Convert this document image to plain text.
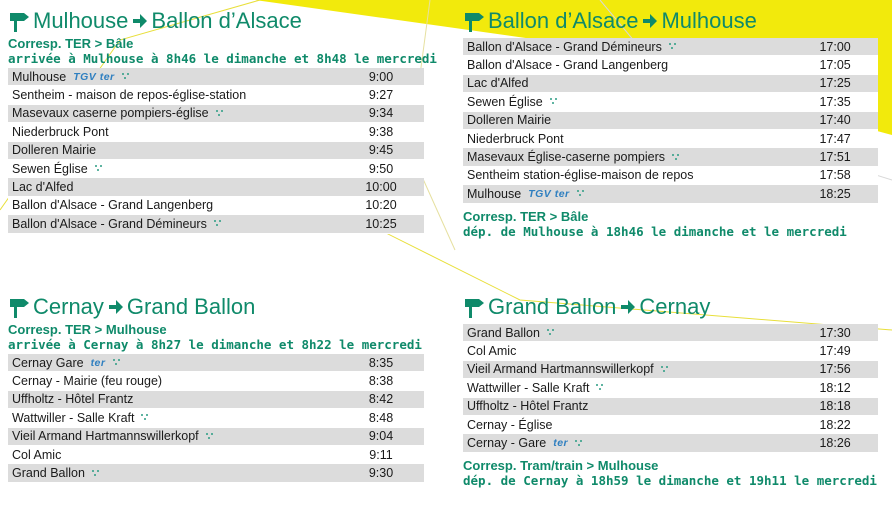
Mulhouse Ballon d’Alsace
Corresp. TER > Bâle
arrivée à Mulhouse à 8h46 le dimanche et 8h48 le mercredi
Mulhouse TGV ter	9:00
Sentheim - maison de repos-église-station	9:27
Masevaux caserne pompiers-église	9:34
Niederbruck Pont	9:38
Dolleren Mairie	9:45
Sewen Église	9:50
Lac d'Alfed	10:00
Ballon d'Alsace - Grand Langenberg	10:20
Ballon d'Alsace - Grand Démineurs	10:25
Ballon d’Alsace Mulhouse
Ballon d'Alsace - Grand Démineurs	17:00
Ballon d'Alsace - Grand Langenberg	17:05
Lac d'Alfed	17:25
Sewen Église	17:35
Dolleren Mairie	17:40
Niederbruck Pont	17:47
Masevaux Église-caserne pompiers	17:51
Sentheim station-église-maison de repos	17:58
Mulhouse TGV ter	18:25
Corresp. TER > Bâle
dép. de Mulhouse à 18h46 le dimanche et le mercredi
Cernay Grand Ballon
Corresp. TER > Mulhouse
arrivée à Cernay à 8h27 le dimanche et 8h22 le mercredi
Cernay Gare ter	8:35
Cernay - Mairie (feu rouge)	8:38
Uffholtz - Hôtel Frantz	8:42
Wattwiller - Salle Kraft	8:48
Vieil Armand Hartmannswillerkopf	9:04
Col Amic	9:11
Grand Ballon	9:30
Grand Ballon Cernay
Grand Ballon	17:30
Col Amic	17:49
Vieil Armand Hartmannswillerkopf	17:56
Wattwiller - Salle Kraft	18:12
Uffholtz - Hôtel Frantz	18:18
Cernay - Église	18:22
Cernay - Gare ter	18:26
Corresp. Tram/train > Mulhouse
dép. de Cernay à 18h59 le dimanche et 19h11 le mercredi
